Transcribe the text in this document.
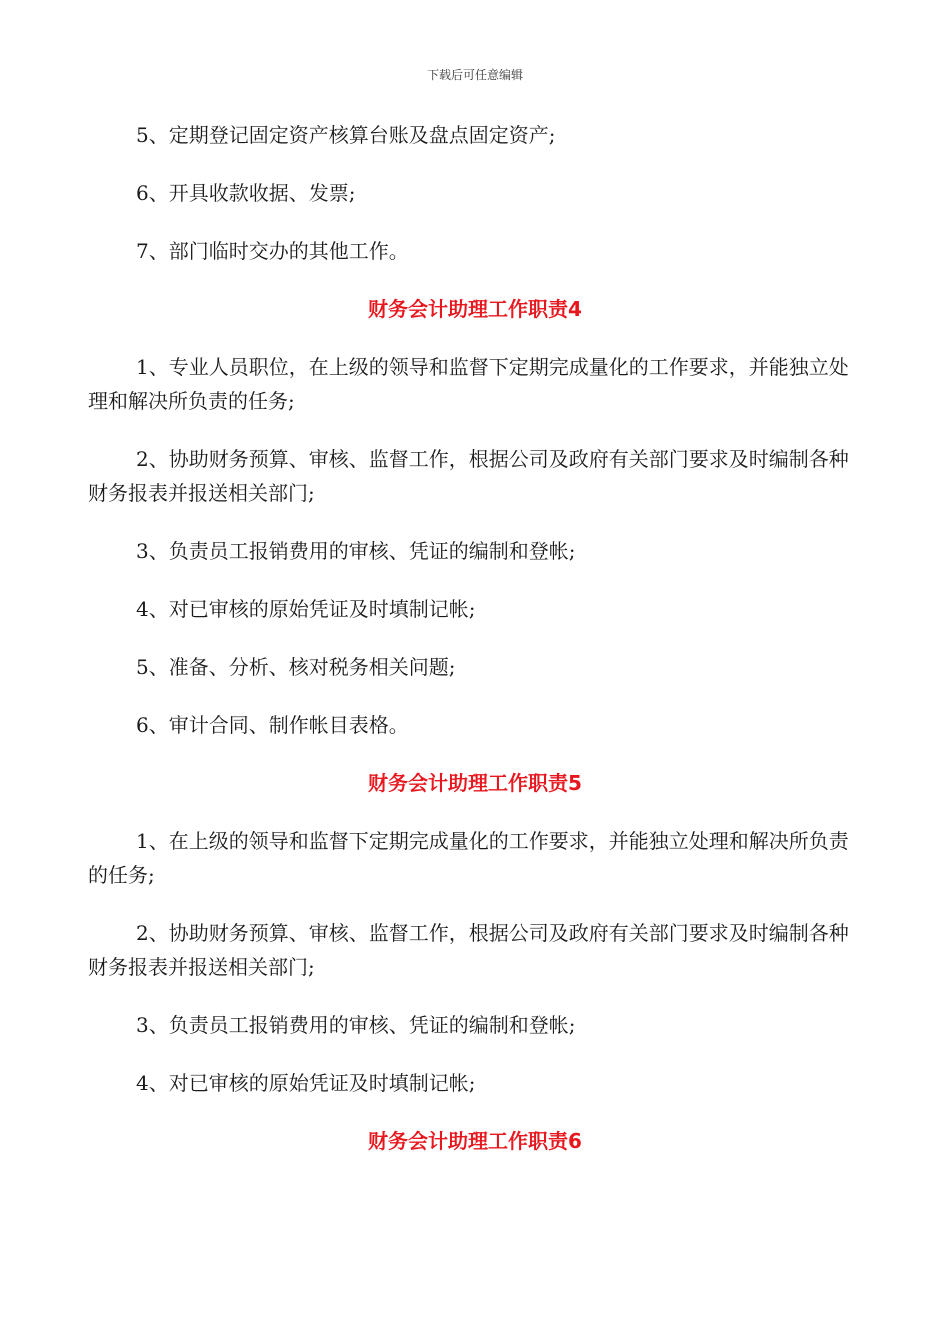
下载后可任意编辑

5、定期登记固定资产核算台账及盘点固定资产;

6、开具收款收据、发票;

7、部门临时交办的其他工作。

财务会计助理工作职责4

1、专业人员职位，在上级的领导和监督下定期完成量化的工作要求，并能独立处理和解决所负责的任务;

2、协助财务预算、审核、监督工作，根据公司及政府有关部门要求及时编制各种财务报表并报送相关部门;

3、负责员工报销费用的审核、凭证的编制和登帐;

4、对已审核的原始凭证及时填制记帐;

5、准备、分析、核对税务相关问题;

6、审计合同、制作帐目表格。

财务会计助理工作职责5

1、在上级的领导和监督下定期完成量化的工作要求，并能独立处理和解决所负责的任务;

2、协助财务预算、审核、监督工作，根据公司及政府有关部门要求及时编制各种财务报表并报送相关部门;

3、负责员工报销费用的审核、凭证的编制和登帐;

4、对已审核的原始凭证及时填制记帐;

财务会计助理工作职责6
